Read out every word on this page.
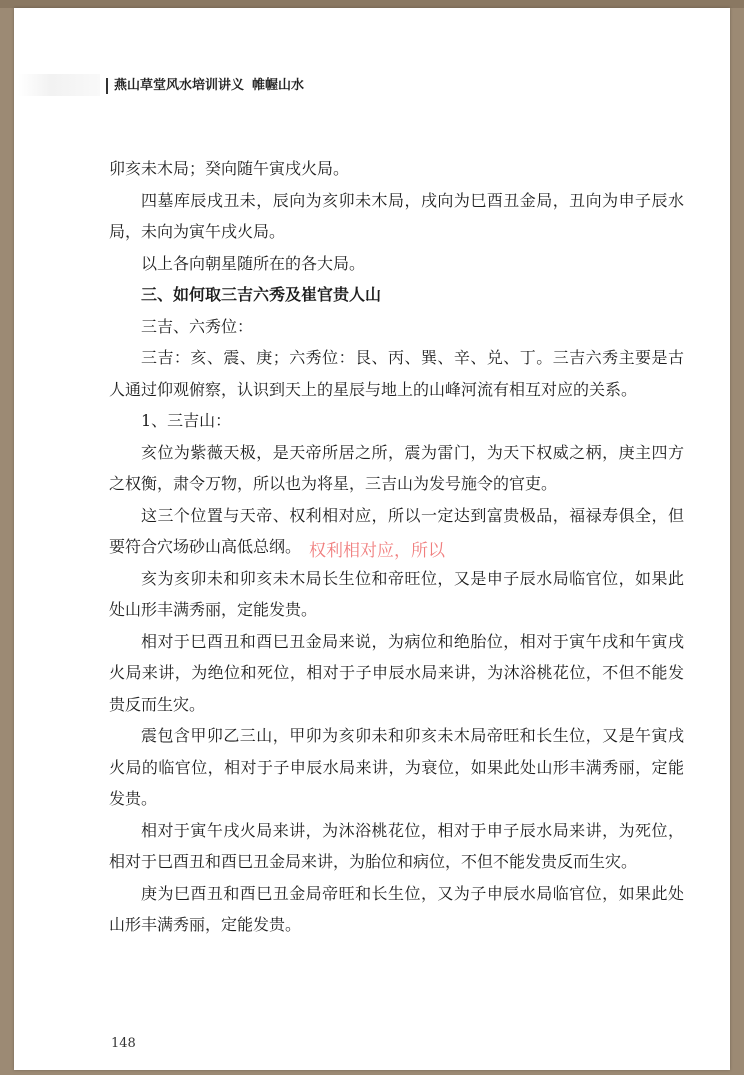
燕山草堂风水培训讲义 帷幄山水

卯亥未木局；癸向随午寅戌火局。

四墓库辰戌丑未，辰向为亥卯未木局，戌向为巳酉丑金局，丑向为申子辰水局，未向为寅午戌火局。

以上各向朝星随所在的各大局。

三、如何取三吉六秀及崔官贵人山

三吉、六秀位：

三吉：亥、震、庚；六秀位：艮、丙、巽、辛、兑、丁。三吉六秀主要是古人通过仰观俯察，认识到天上的星辰与地上的山峰河流有相互对应的关系。

1、三吉山：

亥位为紫薇天极，是天帝所居之所，震为雷门，为天下权威之柄，庚主四方之权衡，肃令万物，所以也为将星，三吉山为发号施令的官吏。

这三个位置与天帝、权利相对应，所以一定达到富贵极品，福禄寿俱全，但要符合穴场砂山高低总纲。

亥为亥卯未和卯亥未木局长生位和帝旺位，又是申子辰水局临官位，如果此处山形丰满秀丽，定能发贵。

相对于巳酉丑和酉巳丑金局来说，为病位和绝胎位，相对于寅午戌和午寅戌火局来讲，为绝位和死位，相对于子申辰水局来讲，为沐浴桃花位，不但不能发贵反而生灾。

震包含甲卯乙三山，甲卯为亥卯未和卯亥未木局帝旺和长生位，又是午寅戌火局的临官位，相对于子申辰水局来讲，为衰位，如果此处山形丰满秀丽，定能发贵。

相对于寅午戌火局来讲，为沐浴桃花位，相对于申子辰水局来讲，为死位，相对于巳酉丑和酉巳丑金局来讲，为胎位和病位，不但不能发贵反而生灾。

庚为巳酉丑和酉巳丑金局帝旺和长生位，又为子申辰水局临官位，如果此处山形丰满秀丽，定能发贵。

权利相对应，所以
148
